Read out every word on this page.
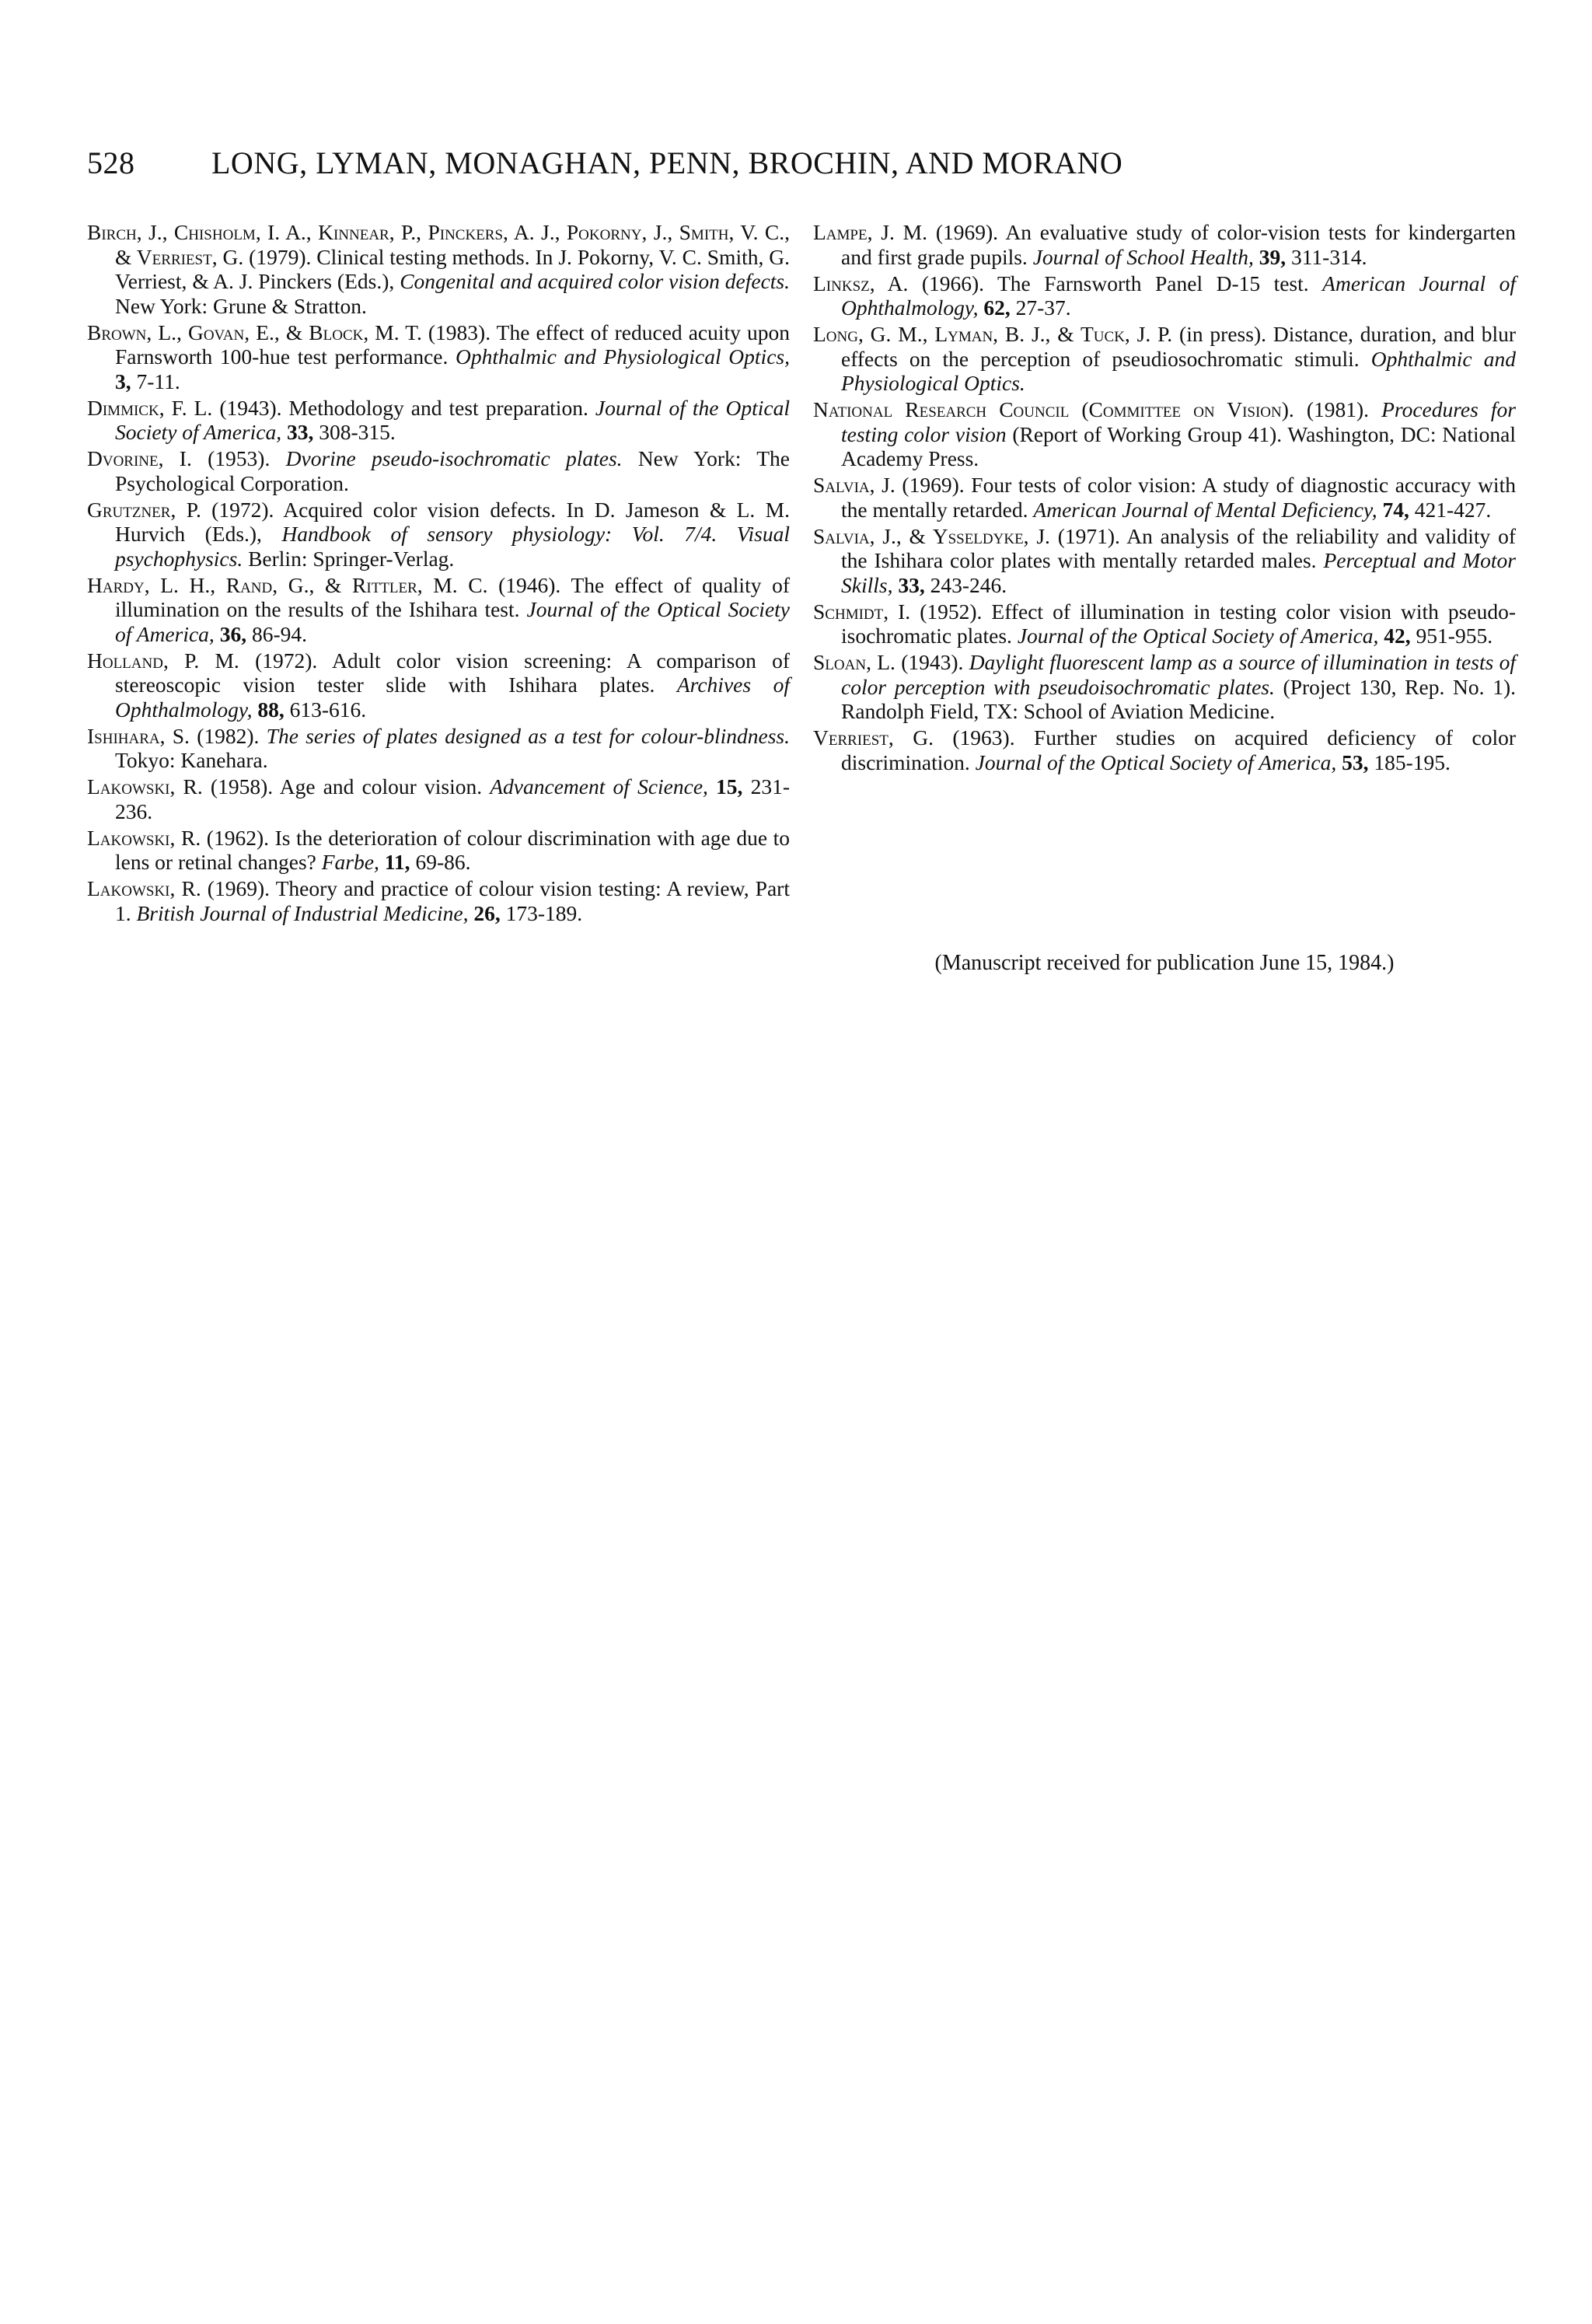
528 LONG, LYMAN, MONAGHAN, PENN, BROCHIN, AND MORANO
Birch, J., Chisholm, I. A., Kinnear, P., Pinckers, A. J., Pokorny, J., Smith, V. C., & Verriest, G. (1979). Clinical testing methods. In J. Pokorny, V. C. Smith, G. Verriest, & A. J. Pinckers (Eds.), Congenital and acquired color vision defects. New York: Grune & Stratton.
Brown, L., Govan, E., & Block, M. T. (1983). The effect of reduced acuity upon Farnsworth 100-hue test performance. Ophthalmic and Physiological Optics, 3, 7-11.
Dimmick, F. L. (1943). Methodology and test preparation. Journal of the Optical Society of America, 33, 308-315.
Dvorine, I. (1953). Dvorine pseudo-isochromatic plates. New York: The Psychological Corporation.
Grutzner, P. (1972). Acquired color vision defects. In D. Jameson & L. M. Hurvich (Eds.), Handbook of sensory physiology: Vol. 7/4. Visual psychophysics. Berlin: Springer-Verlag.
Hardy, L. H., Rand, G., & Rittler, M. C. (1946). The effect of quality of illumination on the results of the Ishihara test. Journal of the Optical Society of America, 36, 86-94.
Holland, P. M. (1972). Adult color vision screening: A comparison of stereoscopic vision tester slide with Ishihara plates. Archives of Ophthalmology, 88, 613-616.
Ishihara, S. (1982). The series of plates designed as a test for colour-blindness. Tokyo: Kanehara.
Lakowski, R. (1958). Age and colour vision. Advancement of Science, 15, 231-236.
Lakowski, R. (1962). Is the deterioration of colour discrimination with age due to lens or retinal changes? Farbe, 11, 69-86.
Lakowski, R. (1969). Theory and practice of colour vision testing: A review, Part 1. British Journal of Industrial Medicine, 26, 173-189.
Lampe, J. M. (1969). An evaluative study of color-vision tests for kindergarten and first grade pupils. Journal of School Health, 39, 311-314.
Linksz, A. (1966). The Farnsworth Panel D-15 test. American Journal of Ophthalmology, 62, 27-37.
Long, G. M., Lyman, B. J., & Tuck, J. P. (in press). Distance, duration, and blur effects on the perception of pseudiosochromatic stimuli. Ophthalmic and Physiological Optics.
National Research Council (Committee on Vision). (1981). Procedures for testing color vision (Report of Working Group 41). Washington, DC: National Academy Press.
Salvia, J. (1969). Four tests of color vision: A study of diagnostic accuracy with the mentally retarded. American Journal of Mental Deficiency, 74, 421-427.
Salvia, J., & Ysseldyke, J. (1971). An analysis of the reliability and validity of the Ishihara color plates with mentally retarded males. Perceptual and Motor Skills, 33, 243-246.
Schmidt, I. (1952). Effect of illumination in testing color vision with pseudo-isochromatic plates. Journal of the Optical Society of America, 42, 951-955.
Sloan, L. (1943). Daylight fluorescent lamp as a source of illumination in tests of color perception with pseudoisochromatic plates. (Project 130, Rep. No. 1). Randolph Field, TX: School of Aviation Medicine.
Verriest, G. (1963). Further studies on acquired deficiency of color discrimination. Journal of the Optical Society of America, 53, 185-195.
(Manuscript received for publication June 15, 1984.)
